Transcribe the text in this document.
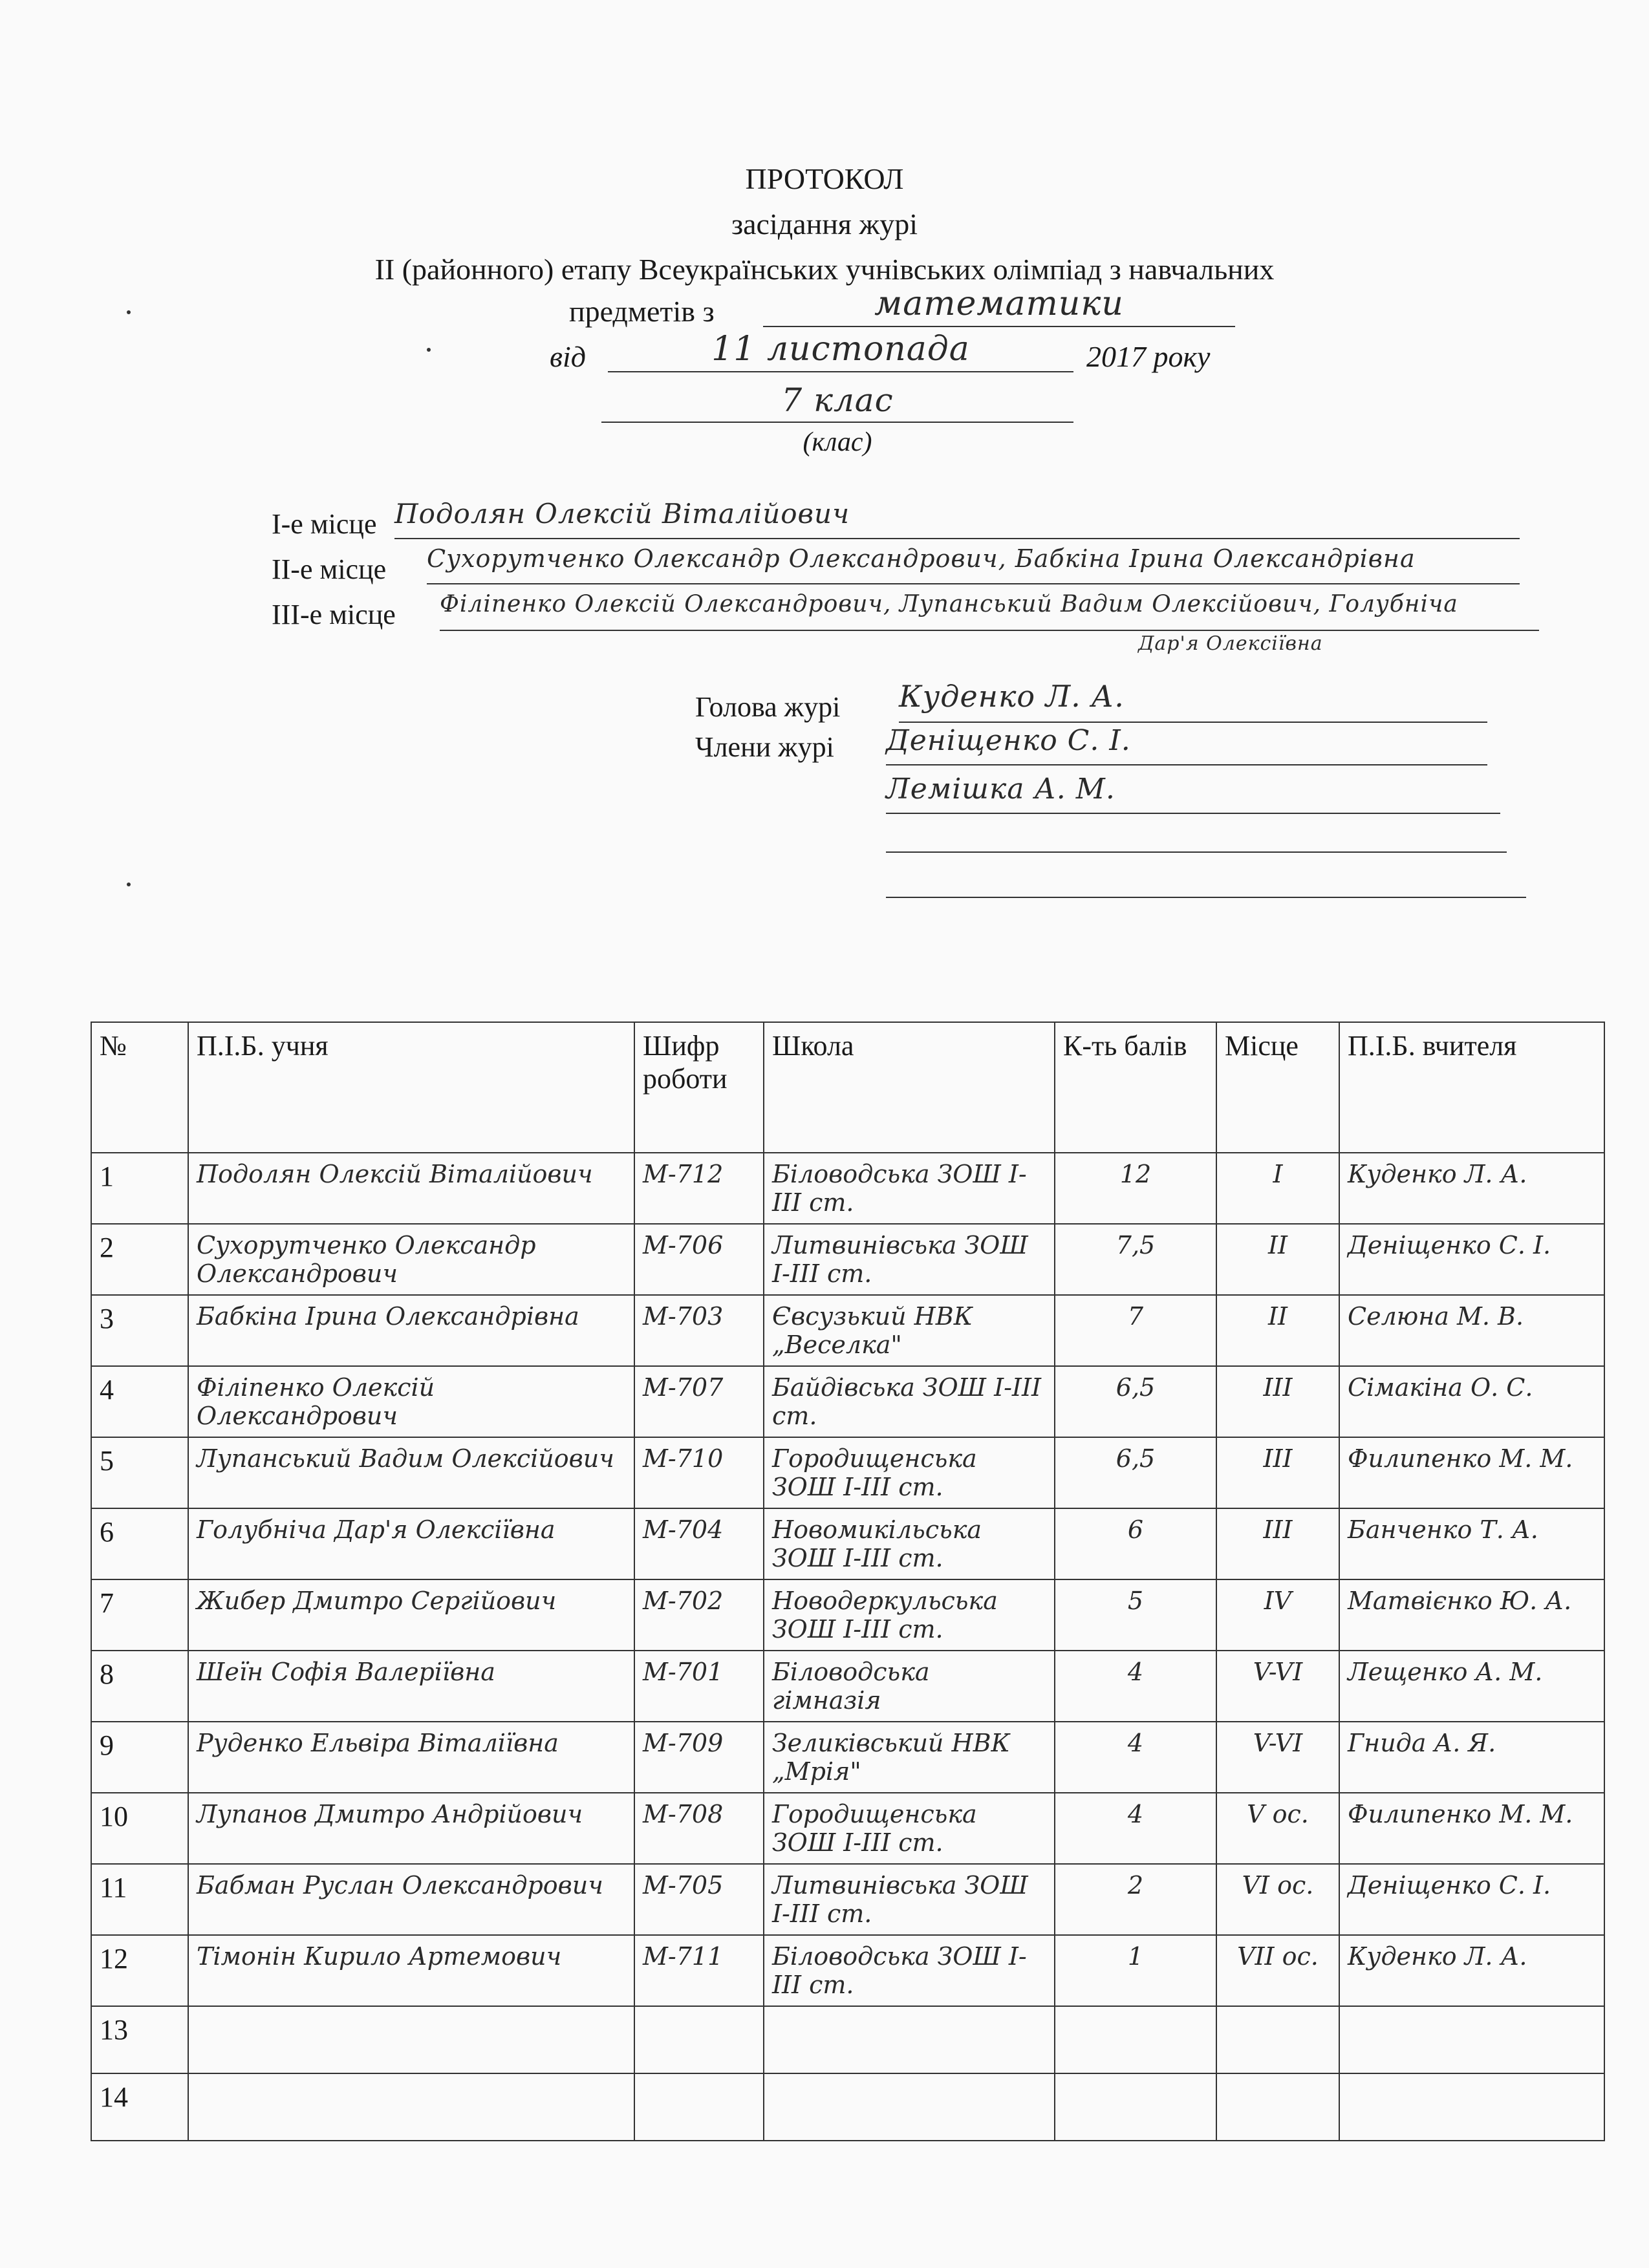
ПРОТОКОЛ
засідання журі
ІІ (районного) етапу Всеукраїнських учнівських олімпіад з навчальних
предметів з	математики
від	11 листопада	2017 року
7 клас
(клас)
І-е місце Подолян Олексій Віталійович
ІІ-е місце Сухорутченко Олександр Олександрович, Бабкіна Ірина Олександрівна
ІІІ-е місце Філіпенко Олексій Олександрович, Лупанський Вадим Олексійович, Голубніча
Дар'я Олексіївна
Голова журі Куденко Л. А.
Члени журі Деніщенко С. І.
Лемішка А. М.
№	П.І.Б. учня	Шифр роботи	Школа	К-ть балів	Місце	П.І.Б. вчителя
1	Подолян Олексій Віталійович	М-712	Біловодська ЗОШ І-ІІІ ст.	12	І	Куденко Л. А.
2	Сухорутченко Олександр Олександрович	М-706	Литвинівська ЗОШ І-ІІІ ст.	7,5	ІІ	Деніщенко С. І.
3	Бабкіна Ірина Олександрівна	М-703	Євсузький НВК „Веселка"	7	ІІ	Селюна М. В.
4	Філіпенко Олексій Олександрович	М-707	Байдівська ЗОШ І-ІІІ ст.	6,5	ІІІ	Сімакіна О. С.
5	Лупанський Вадим Олексійович	М-710	Городищенська ЗОШ І-ІІІ ст.	6,5	ІІІ	Филипенко М. М.
6	Голубніча Дар'я Олексіївна	М-704	Новомикільська ЗОШ І-ІІІ ст.	6	ІІІ	Банченко Т. А.
7	Жибер Дмитро Сергійович	М-702	Новодеркульська ЗОШ І-ІІІ ст.	5	IV	Матвієнко Ю. А.
8	Шеїн Софія Валеріївна	М-701	Біловодська гімназія	4	V-VI	Лещенко А. М.
9	Руденко Ельвіра Віталіївна	М-709	Зеликівський НВК „Мрія"	4	V-VI	Гнида А. Я.
10	Лупанов Дмитро Андрійович	М-708	Городищенська ЗОШ І-ІІІ ст.	4	V ос.	Филипенко М. М.
11	Бабман Руслан Олександрович	М-705	Литвинівська ЗОШ І-ІІІ ст.	2	VI ос.	Деніщенко С. І.
12	Тімонін Кирило Артемович	М-711	Біловодська ЗОШ І-ІІІ ст.	1	VII ос.	Куденко Л. А.
13						
14						
